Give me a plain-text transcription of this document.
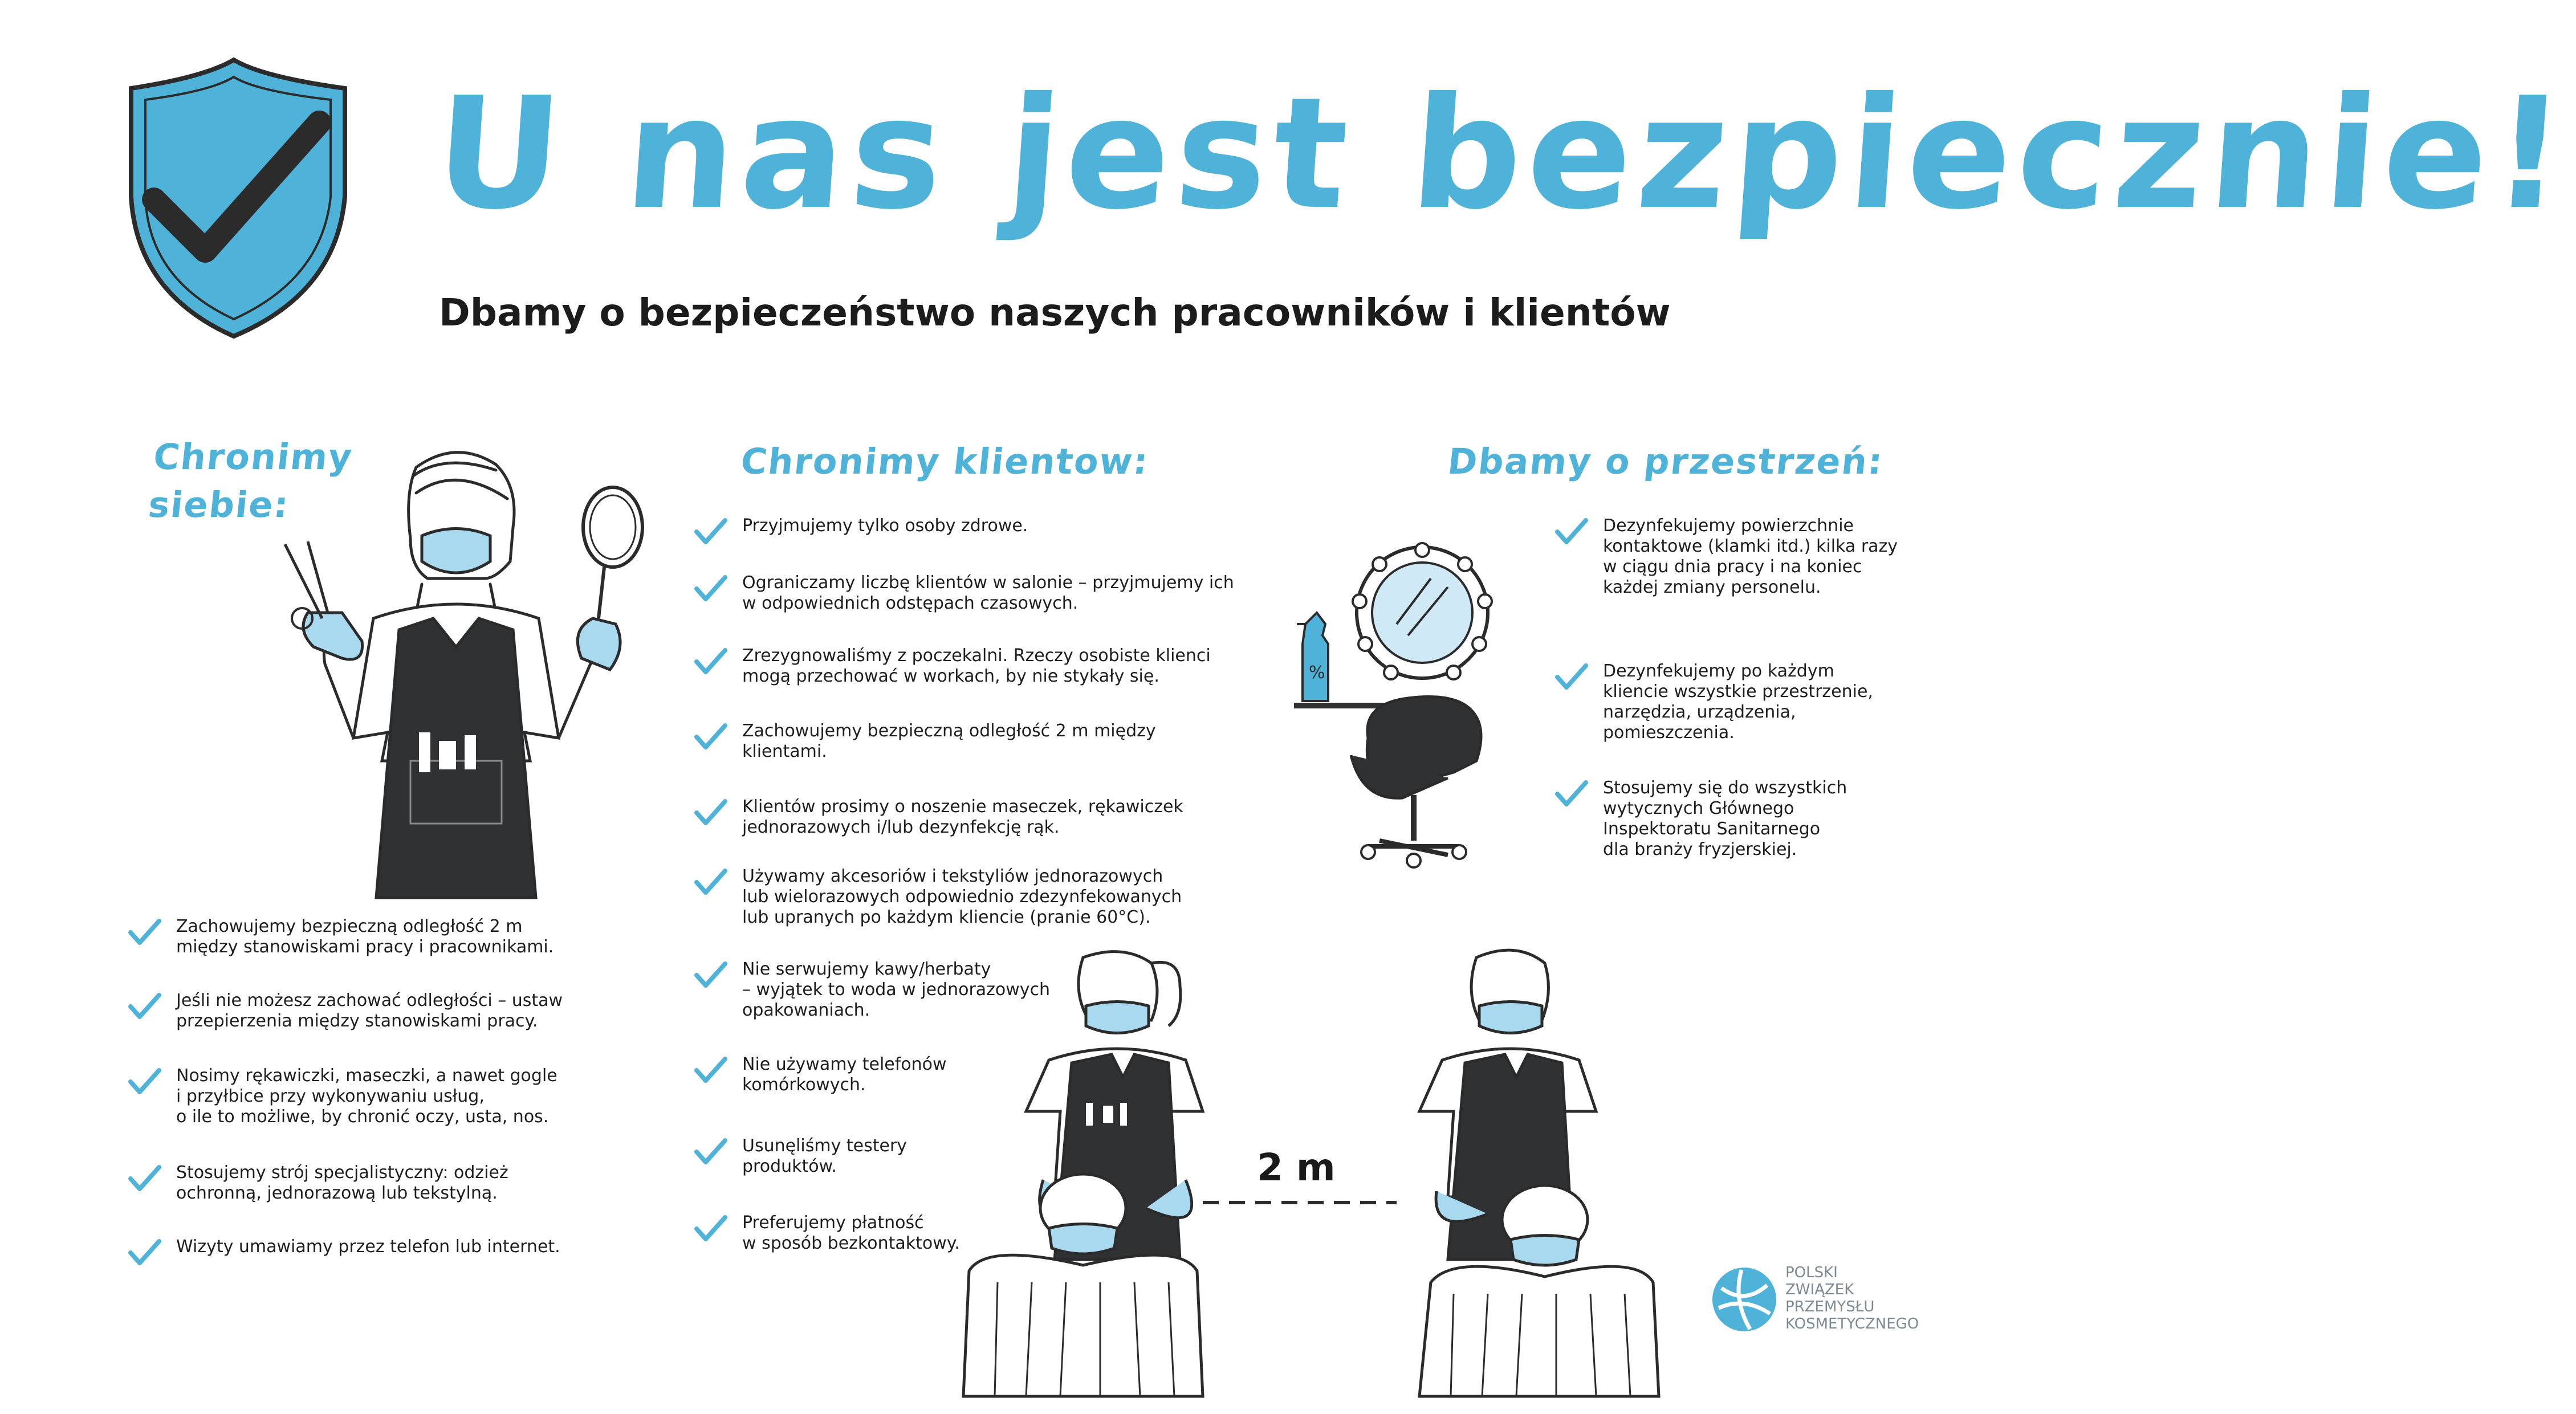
U nas jest bezpiecznie!
Dbamy o bezpieczeństwo naszych pracowników i klientów
Chronimy
siebie:
Chronimy klientow:	Dbamy o przestrzeń:
%
2 m
Zachowujemy bezpieczną odległość 2 m
między stanowiskami pracy i pracownikami.
Jeśli nie możesz zachować odległości – ustaw
przepierzenia między stanowiskami pracy.
Nosimy rękawiczki, maseczki, a nawet gogle
i przyłbice przy wykonywaniu usług,
o ile to możliwe, by chronić oczy, usta, nos.
Stosujemy strój specjalistyczny: odzież
ochronną, jednorazową lub tekstylną.
Wizyty umawiamy przez telefon lub internet.
Przyjmujemy tylko osoby zdrowe.
Ograniczamy liczbę klientów w salonie – przyjmujemy ich
w odpowiednich odstępach czasowych.
Zrezygnowaliśmy z poczekalni. Rzeczy osobiste klienci
mogą przechować w workach, by nie stykały się.
Zachowujemy bezpieczną odległość 2 m między
klientami.
Klientów prosimy o noszenie maseczek, rękawiczek
jednorazowych i/lub dezynfekcję rąk.
Używamy akcesoriów i tekstyliów jednorazowych
lub wielorazowych odpowiednio zdezynfekowanych
lub upranych po każdym kliencie (pranie 60°C).
Nie serwujemy kawy/herbaty
– wyjątek to woda w jednorazowych
opakowaniach.
Nie używamy telefonów
komórkowych.
Usunęliśmy testery
produktów.
Preferujemy płatność
w sposób bezkontaktowy.
Dezynfekujemy powierzchnie
kontaktowe (klamki itd.) kilka razy
w ciągu dnia pracy i na koniec
każdej zmiany personelu.
Dezynfekujemy po każdym
kliencie wszystkie przestrzenie,
narzędzia, urządzenia,
pomieszczenia.
Stosujemy się do wszystkich
wytycznych Głównego
Inspektoratu Sanitarnego
dla branży fryzjerskiej.
POLSKI
ZWIĄZEK
PRZEMYSŁU
KOSMETYCZNEGO
